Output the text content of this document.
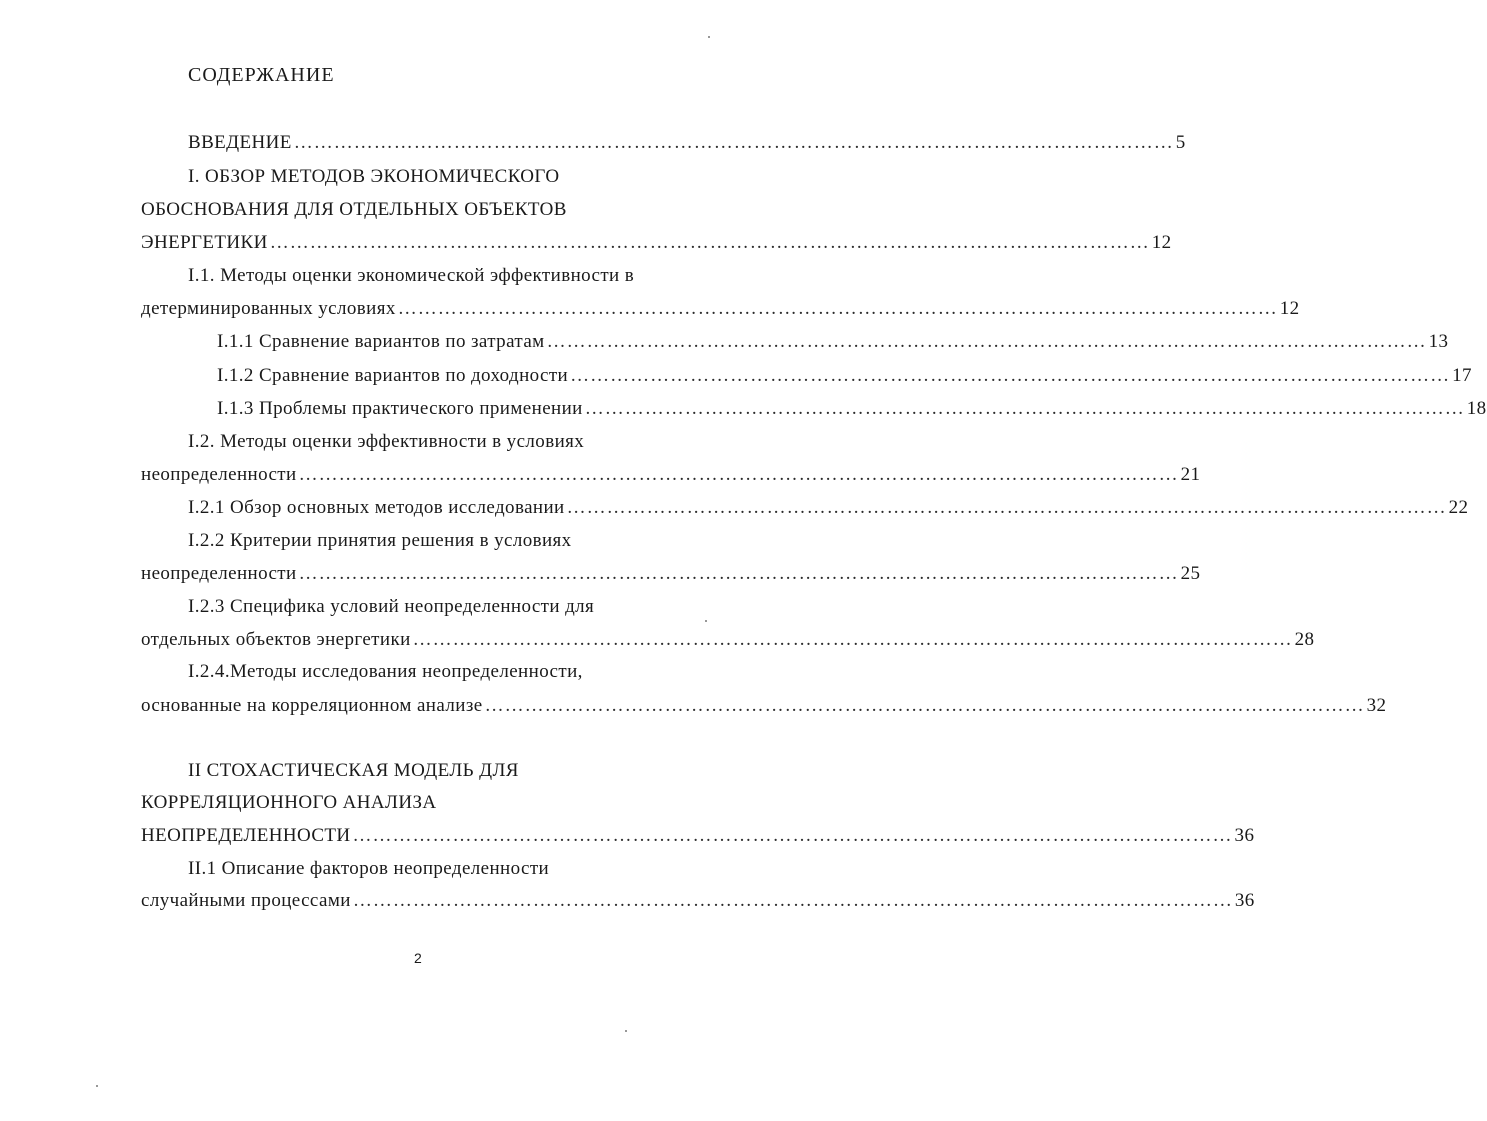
СОДЕРЖАНИЕ
ВВЕДЕНИЕ …………………………………………………………………………………………………………………… 5
I. ОБЗОР МЕТОДОВ ЭКОНОМИЧЕСКОГО
ОБОСНОВАНИЯ ДЛЯ ОТДЕЛЬНЫХ ОБЪЕКТОВ
ЭНЕРГЕТИКИ …………………………………………………………………………………………………………………… 12
I.1. Методы оценки экономической эффективности в
детерминированных условиях …………………………………………………………………………………………………………………… 12
I.1.1 Сравнение вариантов по затратам …………………………………………………………………………………………………………………… 13
I.1.2 Сравнение вариантов по доходности …………………………………………………………………………………………………………………… 17
I.1.3 Проблемы практического применении …………………………………………………………………………………………………………………… 18
I.2. Методы оценки эффективности в условиях
неопределенности …………………………………………………………………………………………………………………… 21
I.2.1 Обзор основных методов исследовании …………………………………………………………………………………………………………………… 22
I.2.2 Критерии принятия решения в условиях
неопределенности …………………………………………………………………………………………………………………… 25
I.2.3 Специфика условий неопределенности для
отдельных объектов энергетики …………………………………………………………………………………………………………………… 28
I.2.4.Методы исследования неопределенности,
основанные на корреляционном анализе …………………………………………………………………………………………………………………… 32
II СТОХАСТИЧЕСКАЯ МОДЕЛЬ ДЛЯ
КОРРЕЛЯЦИОННОГО АНАЛИЗА
НЕОПРЕДЕЛЕННОСТИ …………………………………………………………………………………………………………………… 36
II.1 Описание факторов неопределенности
случайными процессами …………………………………………………………………………………………………………………… 36
2
